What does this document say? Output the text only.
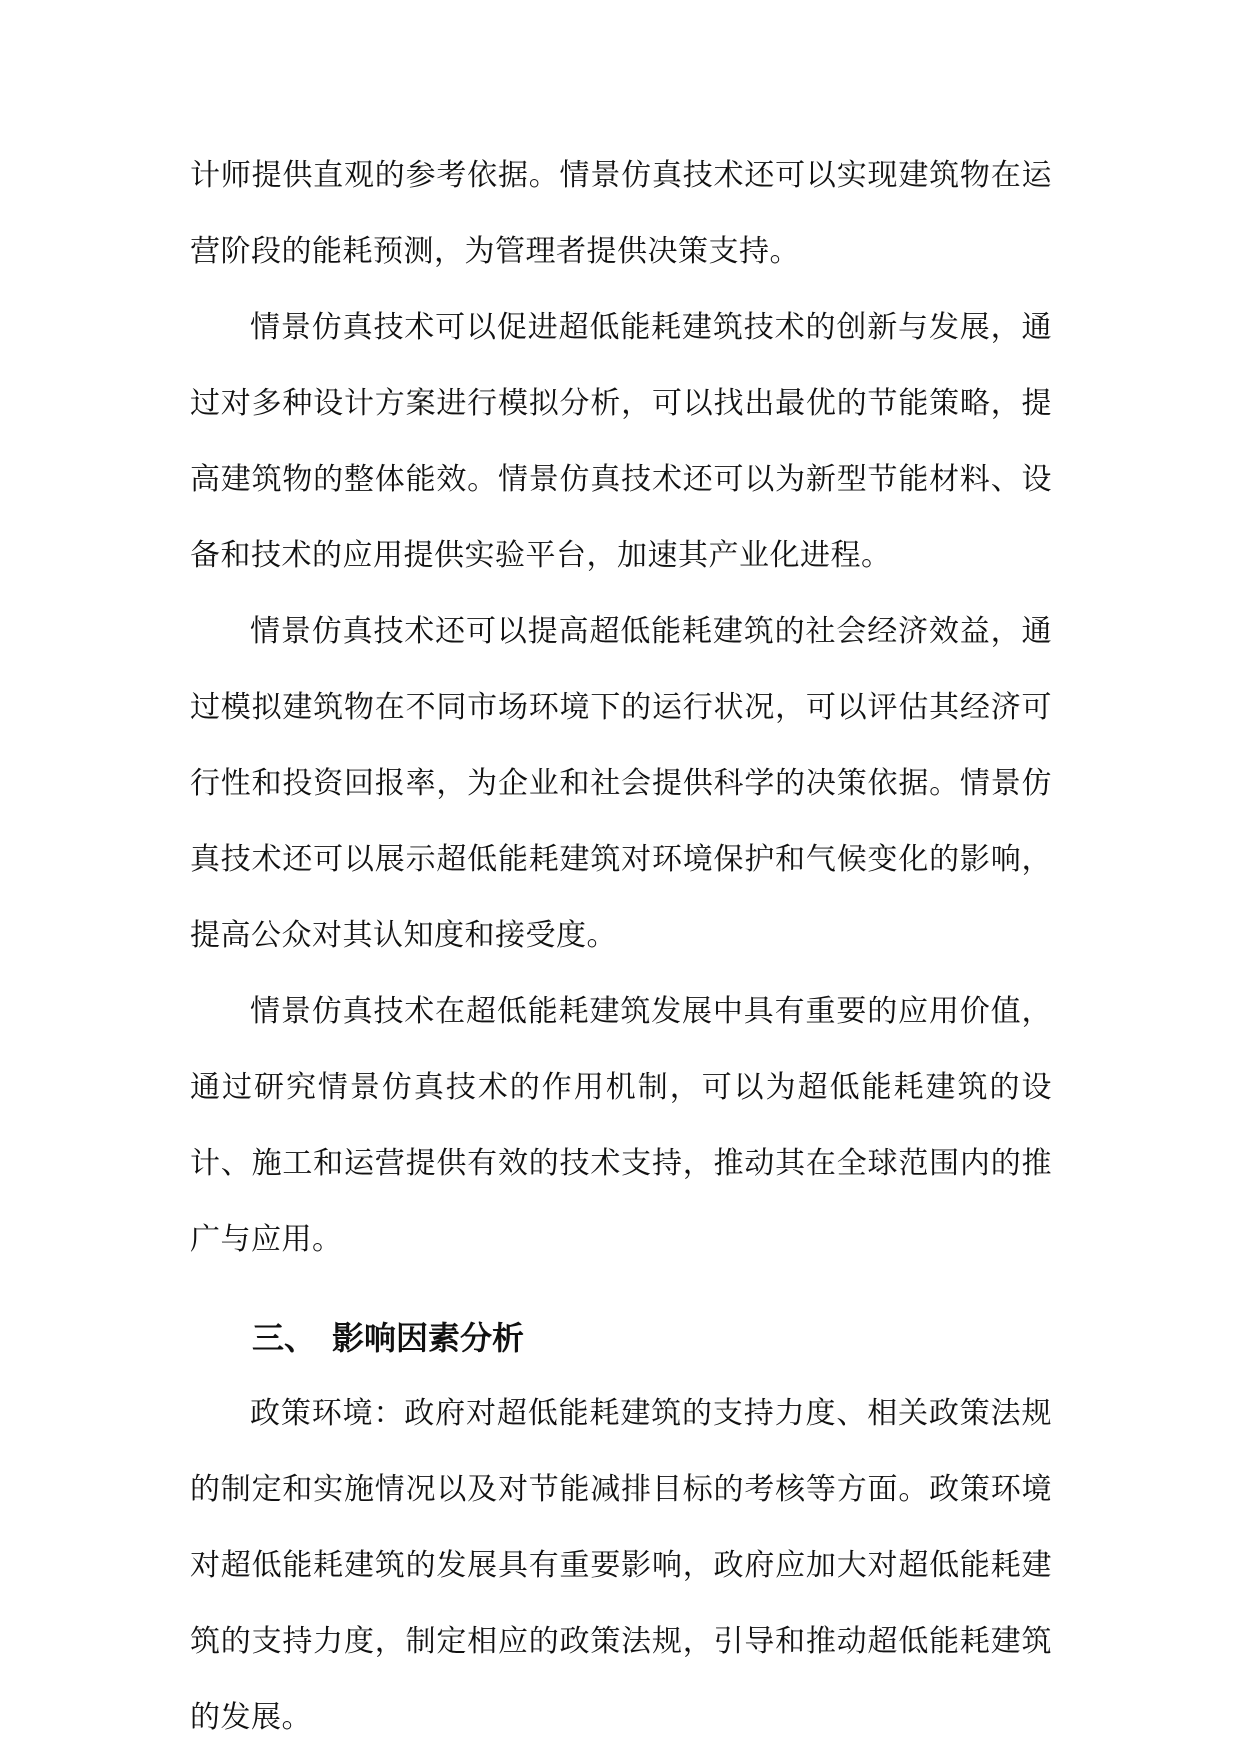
计师提供直观的参考依据。情景仿真技术还可以实现建筑物在运营阶段的能耗预测，为管理者提供决策支持。

情景仿真技术可以促进超低能耗建筑技术的创新与发展，通过对多种设计方案进行模拟分析，可以找出最优的节能策略，提高建筑物的整体能效。情景仿真技术还可以为新型节能材料、设备和技术的应用提供实验平台，加速其产业化进程。

情景仿真技术还可以提高超低能耗建筑的社会经济效益，通过模拟建筑物在不同市场环境下的运行状况，可以评估其经济可行性和投资回报率，为企业和社会提供科学的决策依据。情景仿真技术还可以展示超低能耗建筑对环境保护和气候变化的影响，提高公众对其认知度和接受度。

情景仿真技术在超低能耗建筑发展中具有重要的应用价值，通过研究情景仿真技术的作用机制，可以为超低能耗建筑的设计、施工和运营提供有效的技术支持，推动其在全球范围内的推广与应用。

三、 影响因素分析

政策环境：政府对超低能耗建筑的支持力度、相关政策法规的制定和实施情况以及对节能减排目标的考核等方面。政策环境对超低能耗建筑的发展具有重要影响，政府应加大对超低能耗建筑的支持力度，制定相应的政策法规，引导和推动超低能耗建筑的发展。
